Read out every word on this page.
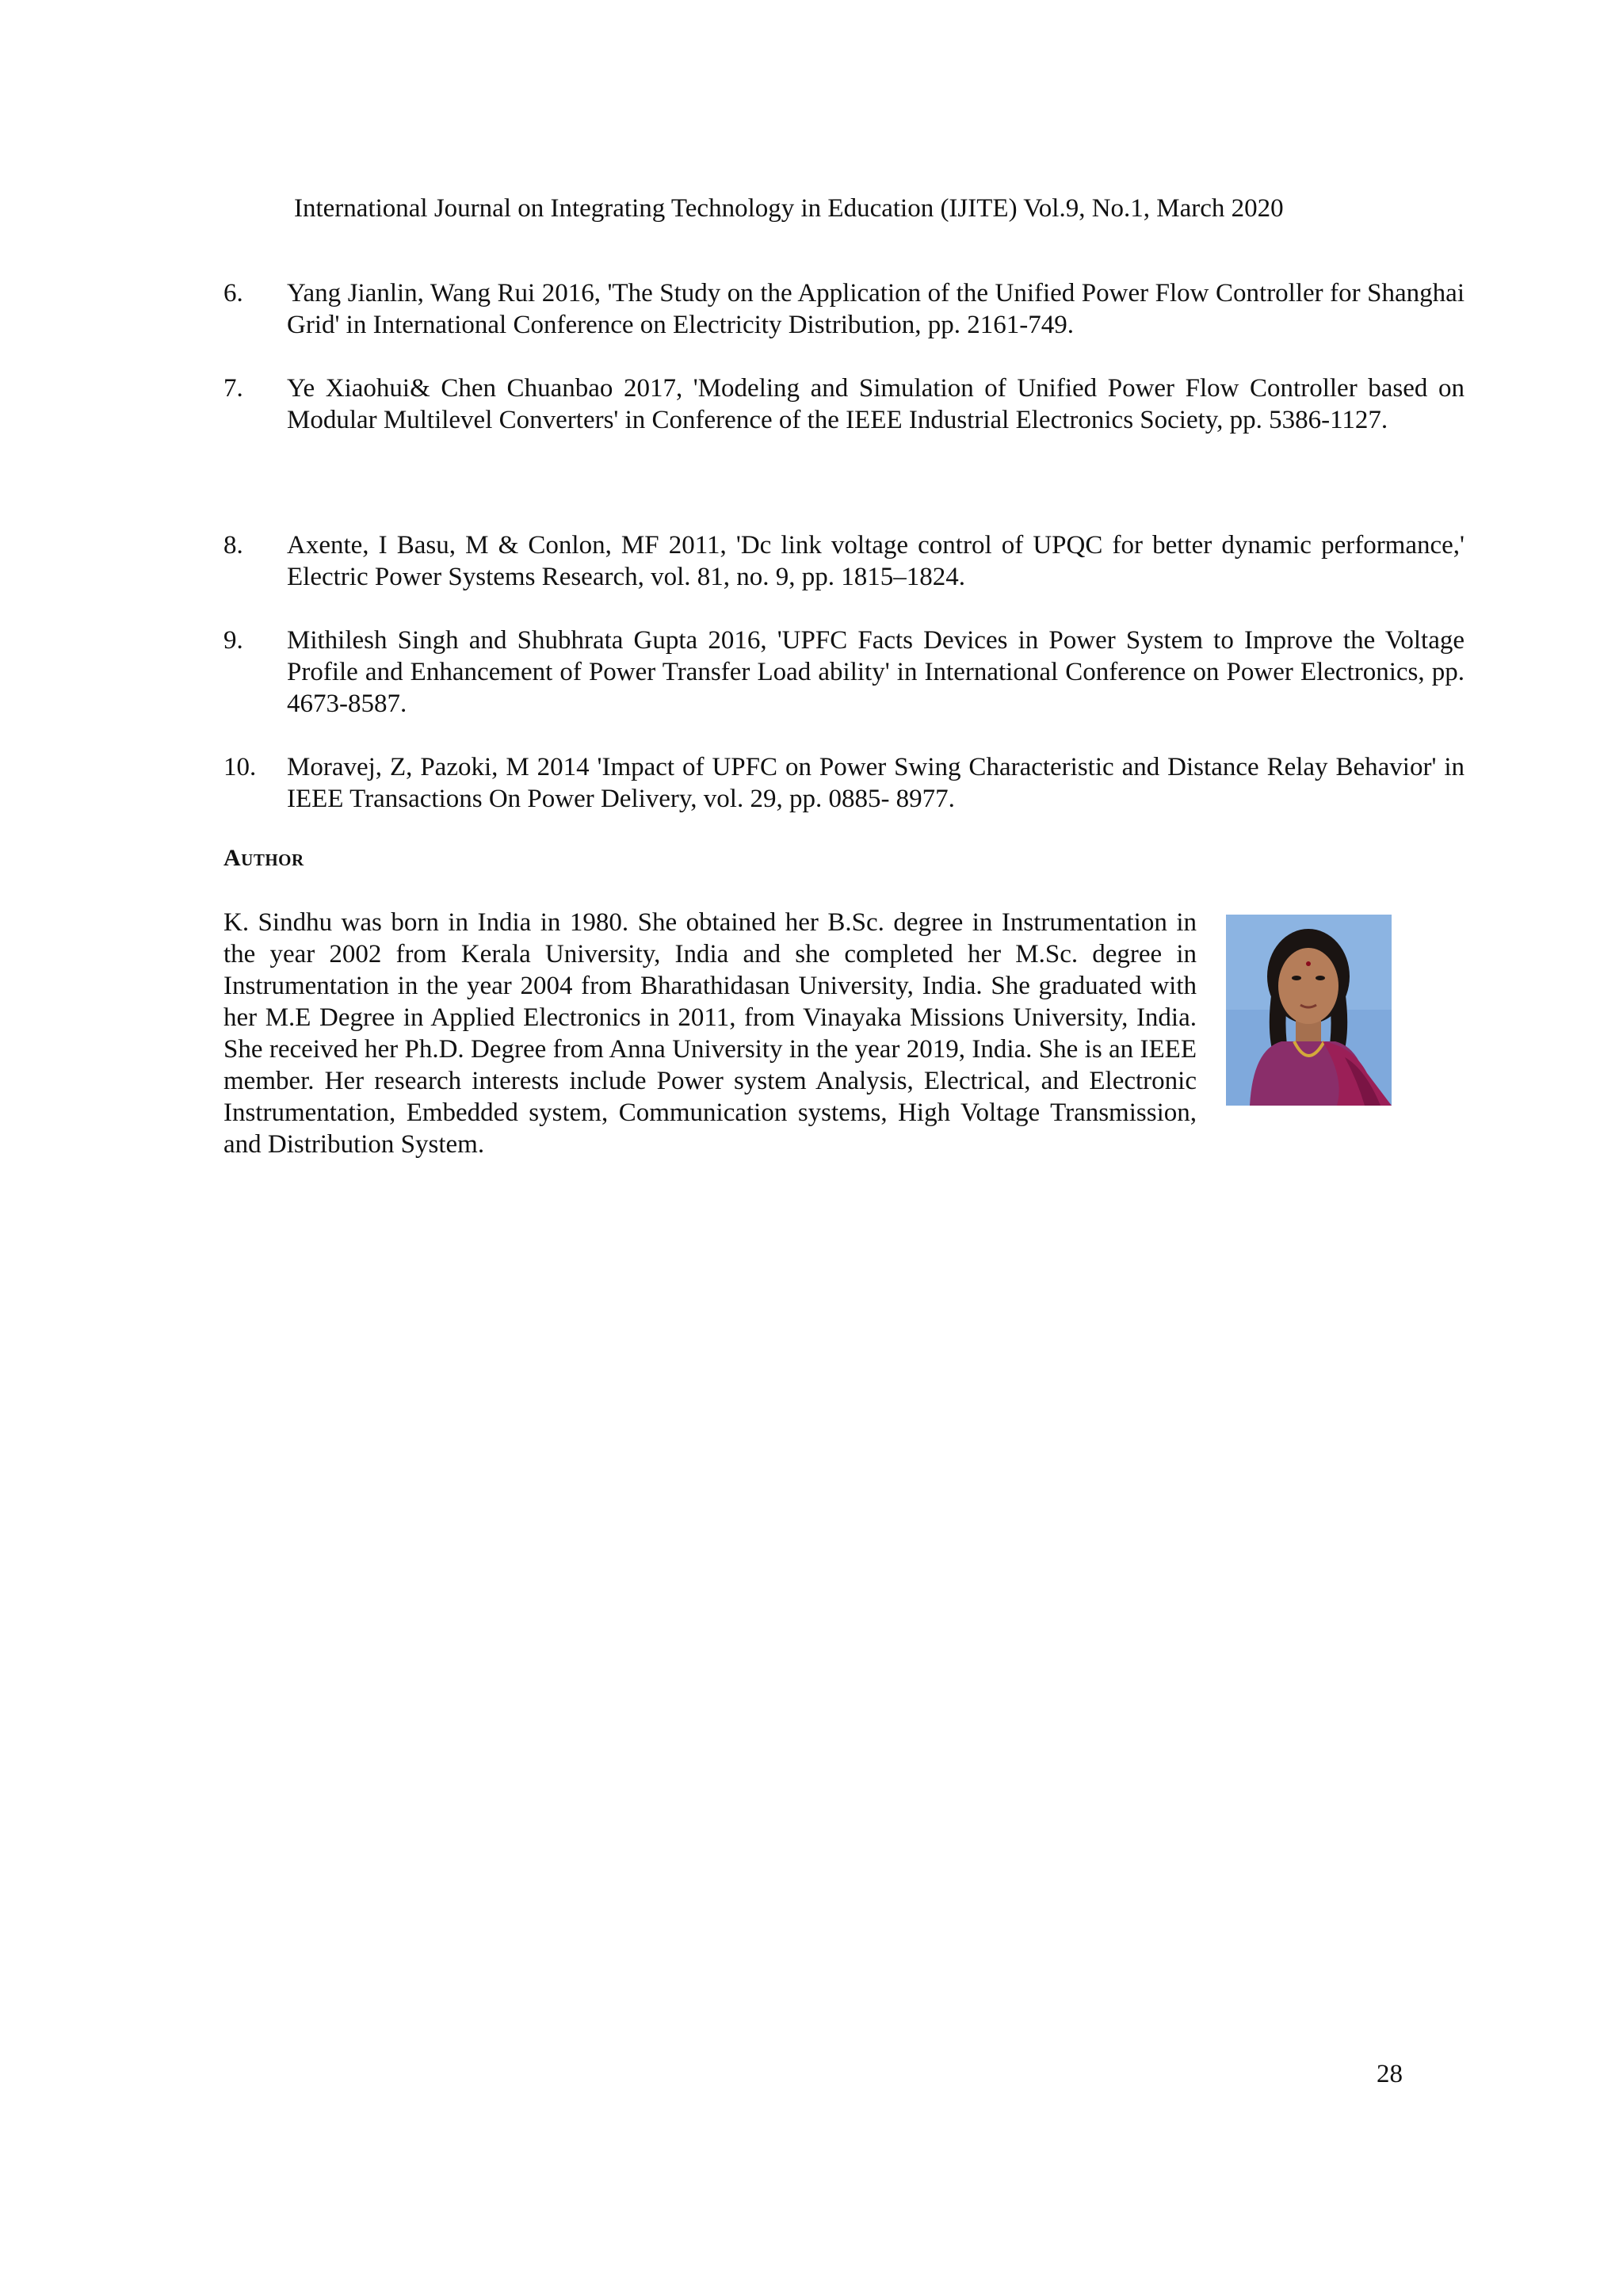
International Journal on Integrating Technology in Education (IJITE) Vol.9, No.1, March 2020
6. Yang Jianlin, Wang Rui 2016, 'The Study on the Application of the Unified Power Flow Controller for Shanghai Grid' in International Conference on Electricity Distribution, pp. 2161-749.
7. Ye Xiaohui& Chen Chuanbao 2017, 'Modeling and Simulation of Unified Power Flow Controller based on Modular Multilevel Converters' in Conference of the IEEE Industrial Electronics Society, pp. 5386-1127.
8. Axente, I Basu, M & Conlon, MF 2011, 'Dc link voltage control of UPQC for better dynamic performance,' Electric Power Systems Research, vol. 81, no. 9, pp. 1815–1824.
9. Mithilesh Singh and Shubhrata Gupta 2016, 'UPFC Facts Devices in Power System to Improve the Voltage Profile and Enhancement of Power Transfer Load ability' in International Conference on Power Electronics, pp. 4673-8587.
10. Moravej, Z, Pazoki, M 2014 'Impact of UPFC on Power Swing Characteristic and Distance Relay Behavior' in IEEE Transactions On Power Delivery, vol. 29, pp. 0885- 8977.
Author
K. Sindhu was born in India in 1980. She obtained her B.Sc. degree in Instrumentation in the year 2002 from Kerala University, India and she completed her M.Sc. degree in Instrumentation in the year 2004 from Bharathidasan University, India. She graduated with her M.E Degree in Applied Electronics in 2011, from Vinayaka Missions University, India. She received her Ph.D. Degree from Anna University in the year 2019, India. She is an IEEE member. Her research interests include Power system Analysis, Electrical, and Electronic Instrumentation, Embedded system, Communication systems, High Voltage Transmission, and Distribution System.
28
